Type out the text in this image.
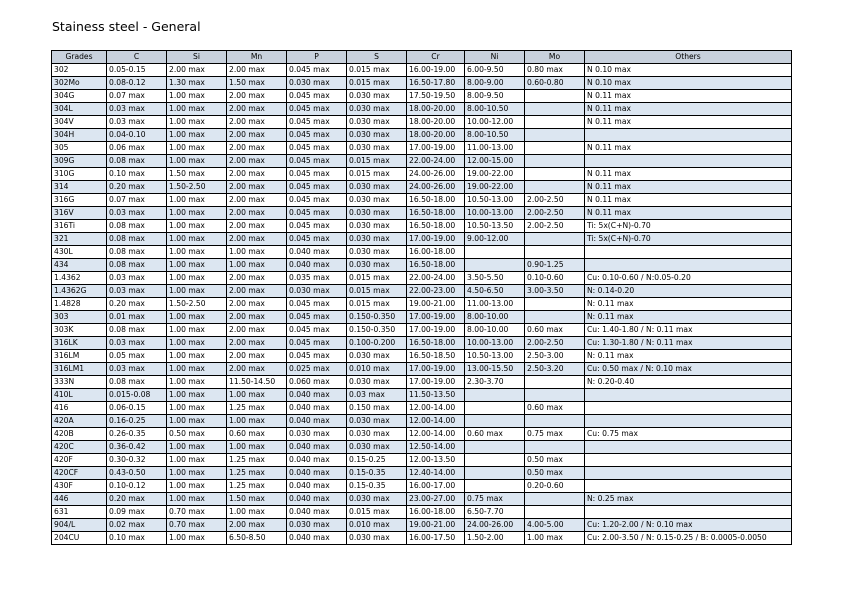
Stainess steel - General
Grades	C	Si	Mn	P	S	Cr	Ni	Mo	Others
302	0.05-0.15	2.00 max	2.00 max	0.045 max	0.015 max	16.00-19.00	6.00-9.50	0.80 max	N 0.10 max
302Mo	0.08-0.12	1.30 max	1.50 max	0.030 max	0.015 max	16.50-17.80	8.00-9.00	0.60-0.80	N 0.10 max
304G	0.07 max	1.00 max	2.00 max	0.045 max	0.030 max	17.50-19.50	8.00-9.50		N 0.11 max
304L	0.03 max	1.00 max	2.00 max	0.045 max	0.030 max	18.00-20.00	8.00-10.50		N 0.11 max
304V	0.03 max	1.00 max	2.00 max	0.045 max	0.030 max	18.00-20.00	10.00-12.00		N 0.11 max
304H	0.04-0.10	1.00 max	2.00 max	0.045 max	0.030 max	18.00-20.00	8.00-10.50		
305	0.06 max	1.00 max	2.00 max	0.045 max	0.030 max	17.00-19.00	11.00-13.00		N 0.11 max
309G	0.08 max	1.00 max	2.00 max	0.045 max	0.015 max	22.00-24.00	12.00-15.00		
310G	0.10 max	1.50 max	2.00 max	0.045 max	0.015 max	24.00-26.00	19.00-22.00		N 0.11 max
314	0.20 max	1.50-2.50	2.00 max	0.045 max	0.030 max	24.00-26.00	19.00-22.00		N 0.11 max
316G	0.07 max	1.00 max	2.00 max	0.045 max	0.030 max	16.50-18.00	10.50-13.00	2.00-2.50	N 0.11 max
316V	0.03 max	1.00 max	2.00 max	0.045 max	0.030 max	16.50-18.00	10.00-13.00	2.00-2.50	N 0.11 max
316Ti	0.08 max	1.00 max	2.00 max	0.045 max	0.030 max	16.50-18.00	10.50-13.50	2.00-2.50	Ti: 5x(C+N)-0.70
321	0.08 max	1.00 max	2.00 max	0.045 max	0.030 max	17.00-19.00	9.00-12.00		Ti: 5x(C+N)-0.70
430L	0.08 max	1.00 max	1.00 max	0.040 max	0.030 max	16.00-18.00			
434	0.08 max	1.00 max	1.00 max	0.040 max	0.030 max	16.50-18.00		0.90-1.25	
1.4362	0.03 max	1.00 max	2.00 max	0.035 max	0.015 max	22.00-24.00	3.50-5.50	0.10-0.60	Cu: 0.10-0.60 / N:0.05-0.20
1.4362G	0.03 max	1.00 max	2.00 max	0.030 max	0.015 max	22.00-23.00	4.50-6.50	3.00-3.50	N: 0.14-0.20
1.4828	0.20 max	1.50-2.50	2.00 max	0.045 max	0.015 max	19.00-21.00	11.00-13.00		N: 0.11 max
303	0.01 max	1.00 max	2.00 max	0.045 max	0.150-0.350	17.00-19.00	8.00-10.00		N: 0.11 max
303K	0.08 max	1.00 max	2.00 max	0.045 max	0.150-0.350	17.00-19.00	8.00-10.00	0.60 max	Cu: 1.40-1.80 / N: 0.11 max
316LK	0.03 max	1.00 max	2.00 max	0.045 max	0.100-0.200	16.50-18.00	10.00-13.00	2.00-2.50	Cu: 1.30-1.80 / N: 0.11 max
316LM	0.05 max	1.00 max	2.00 max	0.045 max	0.030 max	16.50-18.50	10.50-13.00	2.50-3.00	N: 0.11 max
316LM1	0.03 max	1.00 max	2.00 max	0.025 max	0.010 max	17.00-19.00	13.00-15.50	2.50-3.20	Cu: 0.50 max / N: 0.10 max
333N	0.08 max	1.00 max	11.50-14.50	0.060 max	0.030 max	17.00-19.00	2.30-3.70		N: 0.20-0.40
410L	0.015-0.08	1.00 max	1.00 max	0.040 max	0.03 max	11.50-13.50			
416	0.06-0.15	1.00 max	1.25 max	0.040 max	0.150 max	12.00-14.00		0.60 max	
420A	0.16-0.25	1.00 max	1.00 max	0.040 max	0.030 max	12.00-14.00			
420B	0.26-0.35	0.50 max	0.60 max	0.030 max	0.030 max	12.00-14.00	0.60 max	0.75 max	Cu: 0.75 max
420C	0.36-0.42	1.00 max	1.00 max	0.040 max	0.030 max	12.50-14.00			
420F	0.30-0.32	1.00 max	1.25 max	0.040 max	0.15-0.25	12.00-13.50		0.50 max	
420CF	0.43-0.50	1.00 max	1.25 max	0.040 max	0.15-0.35	12.40-14.00		0.50 max	
430F	0.10-0.12	1.00 max	1.25 max	0.040 max	0.15-0.35	16.00-17.00		0.20-0.60	
446	0.20 max	1.00 max	1.50 max	0.040 max	0.030 max	23.00-27.00	0.75 max		N: 0.25 max
631	0.09 max	0.70 max	1.00 max	0.040 max	0.015 max	16.00-18.00	6.50-7.70		
904/L	0.02 max	0.70 max	2.00 max	0.030 max	0.010 max	19.00-21.00	24.00-26.00	4.00-5.00	Cu: 1.20-2.00 / N: 0.10 max
204CU	0.10 max	1.00 max	6.50-8.50	0.040 max	0.030 max	16.00-17.50	1.50-2.00	1.00 max	Cu: 2.00-3.50 / N: 0.15-0.25 / B: 0.0005-0.0050
